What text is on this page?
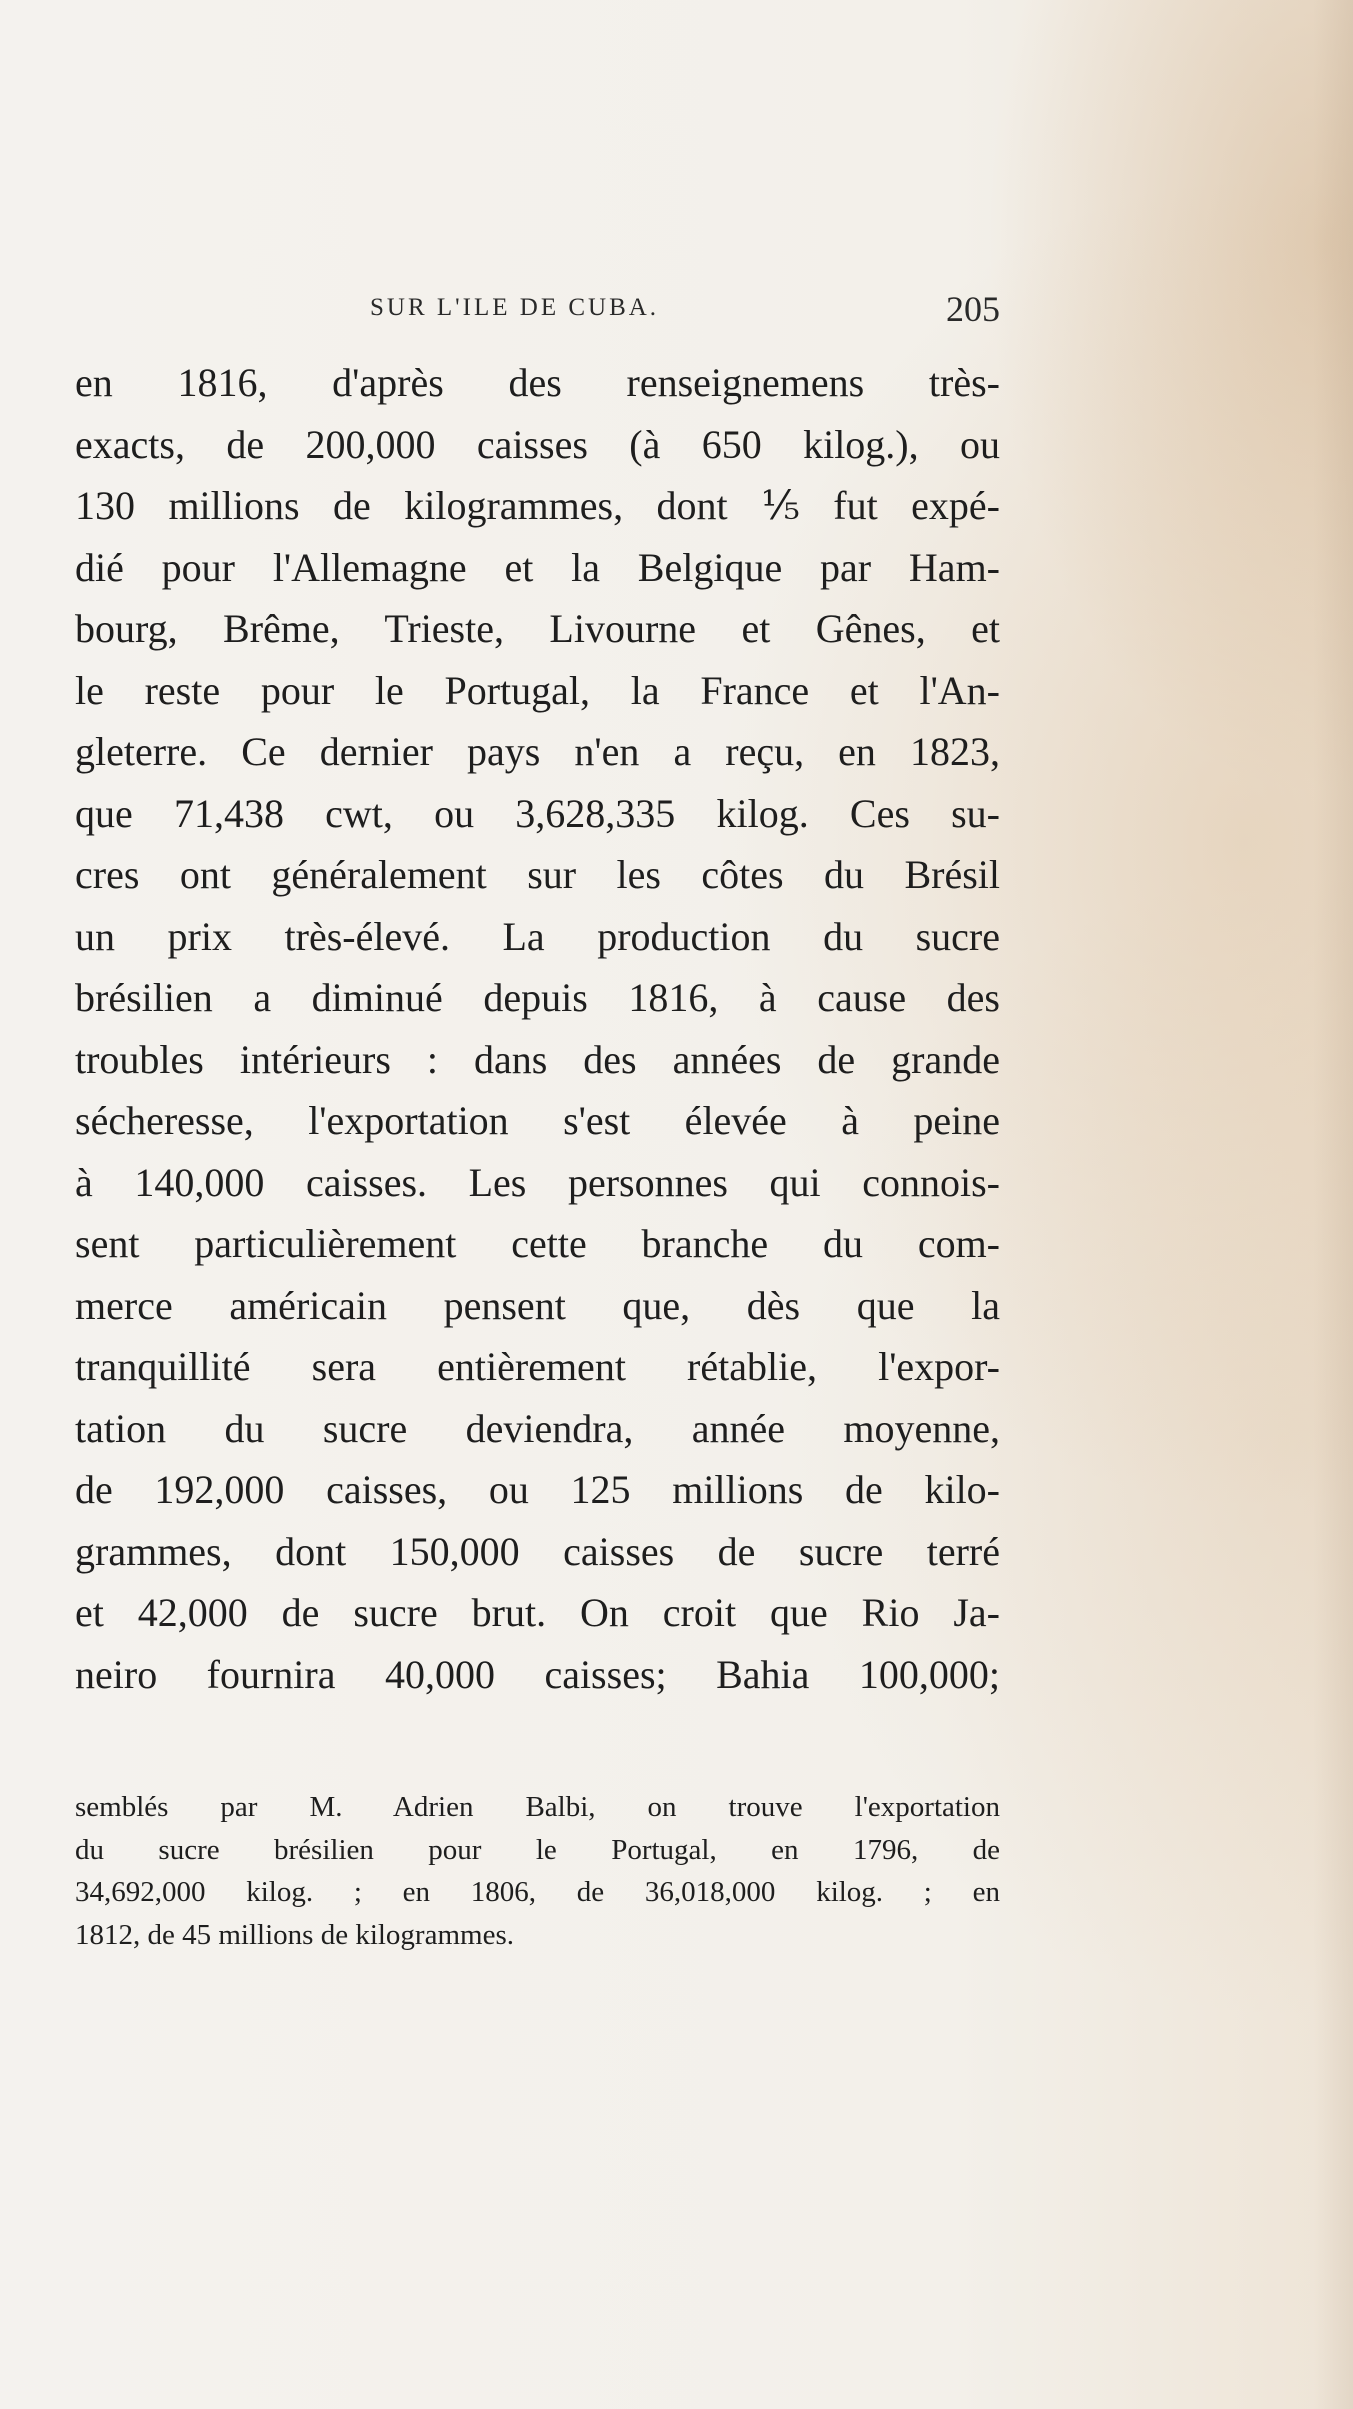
SUR L'ILE DE CUBA.	205
en 1816, d'après des renseignemens très-
exacts, de 200,000 caisses (à 650 kilog.), ou
130 millions de kilogrammes, dont ⅕ fut expé-
dié pour l'Allemagne et la Belgique par Ham-
bourg, Brême, Trieste, Livourne et Gênes, et
le reste pour le Portugal, la France et l'An-
gleterre. Ce dernier pays n'en a reçu, en 1823,
que 71,438 cwt, ou 3,628,335 kilog. Ces su-
cres ont généralement sur les côtes du Brésil
un prix très-élevé. La production du sucre
brésilien a diminué depuis 1816, à cause des
troubles intérieurs : dans des années de grande
sécheresse, l'exportation s'est élevée à peine
à 140,000 caisses. Les personnes qui connois-
sent particulièrement cette branche du com-
merce américain pensent que, dès que la
tranquillité sera entièrement rétablie, l'expor-
tation du sucre deviendra, année moyenne,
de 192,000 caisses, ou 125 millions de kilo-
grammes, dont 150,000 caisses de sucre terré
et 42,000 de sucre brut. On croit que Rio Ja-
neiro fournira 40,000 caisses; Bahia 100,000;
semblés par M. Adrien Balbi, on trouve l'exportation
du sucre brésilien pour le Portugal, en 1796, de
34,692,000 kilog. ; en 1806, de 36,018,000 kilog. ; en
1812, de 45 millions de kilogrammes.
